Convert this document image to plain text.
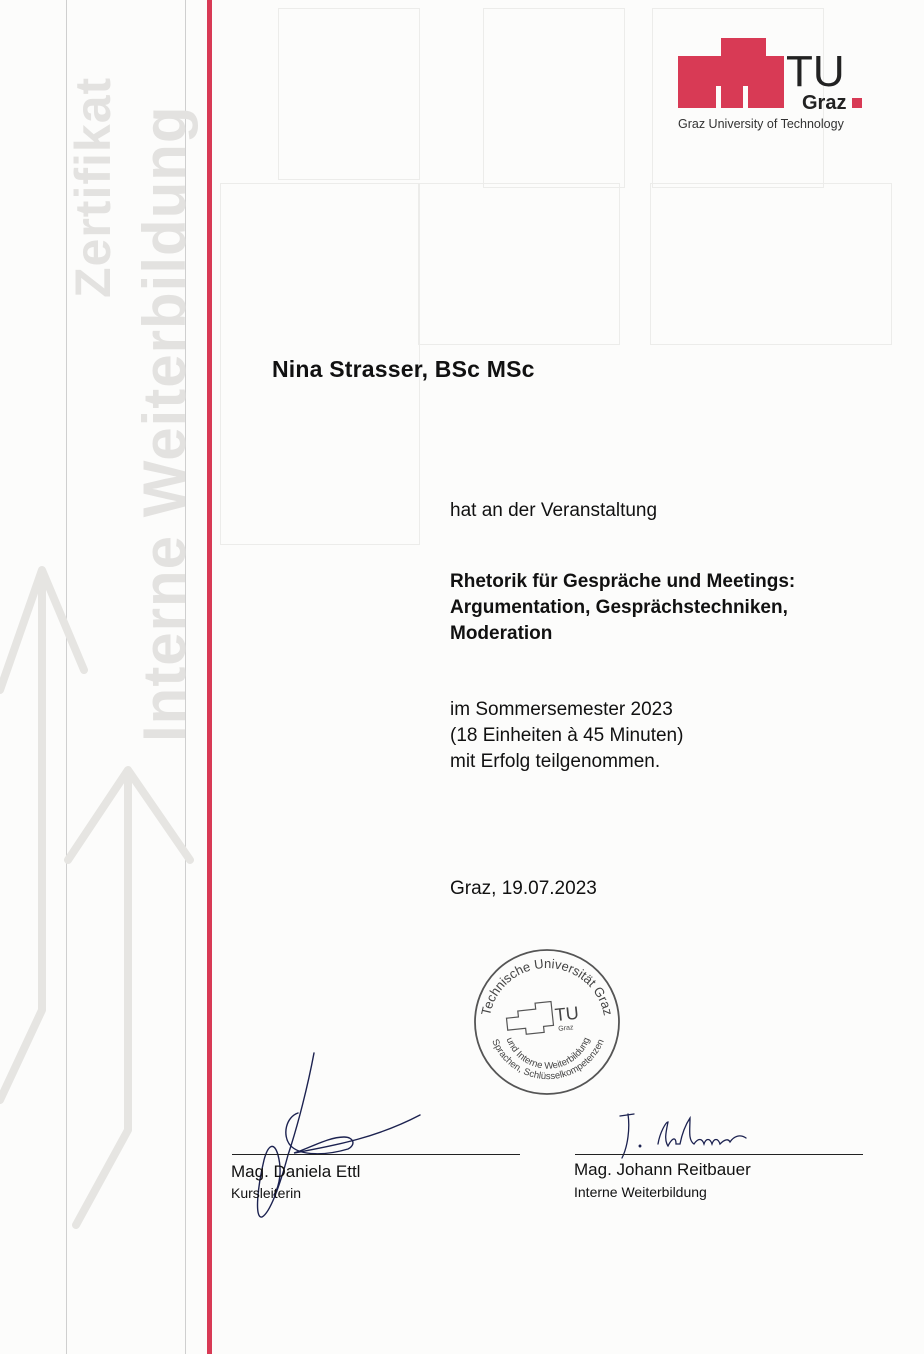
Zertifikat Interne Weiterbildung
TU
Graz
Graz University of Technology
Nina Strasser, BSc MSc
hat an der Veranstaltung
Rhetorik für Gespräche und Meetings:
Argumentation, Gesprächstechniken,
Moderation
im Sommersemester 2023
(18 Einheiten à 45 Minuten)
mit Erfolg teilgenommen.
Graz, 19.07.2023
Technische Universität Graz
TU
Graz
und Interne Weiterbildung
Sprachen, Schlüsselkompetenzen
Mag. Daniela Ettl
Kursleiterin
Mag. Johann Reitbauer
Interne Weiterbildung
